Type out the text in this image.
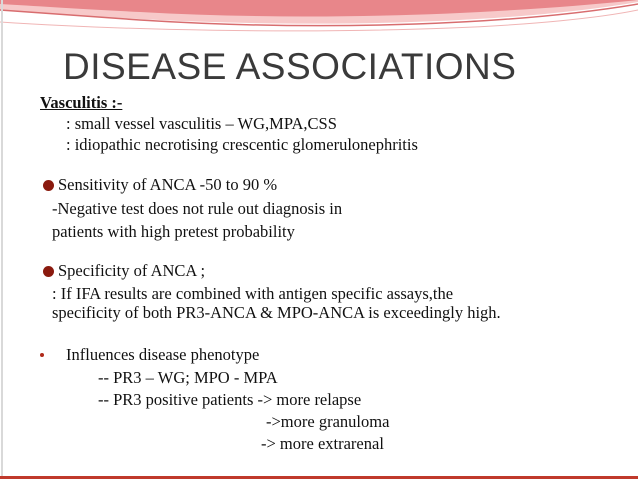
DISEASE ASSOCIATIONS
Vasculitis :-
: small vessel vasculitis – WG,MPA,CSS
: idiopathic necrotising crescentic glomerulonephritis
Sensitivity of ANCA -50 to 90 %
-Negative test does not rule out diagnosis in
patients with high pretest probability
Specificity of ANCA ;
: If IFA results are combined with antigen specific assays,the
specificity of both PR3-ANCA & MPO-ANCA is exceedingly high.
Influences disease phenotype
-- PR3 – WG; MPO - MPA
-- PR3 positive patients -> more relapse
->more granuloma
-> more extrarenal
